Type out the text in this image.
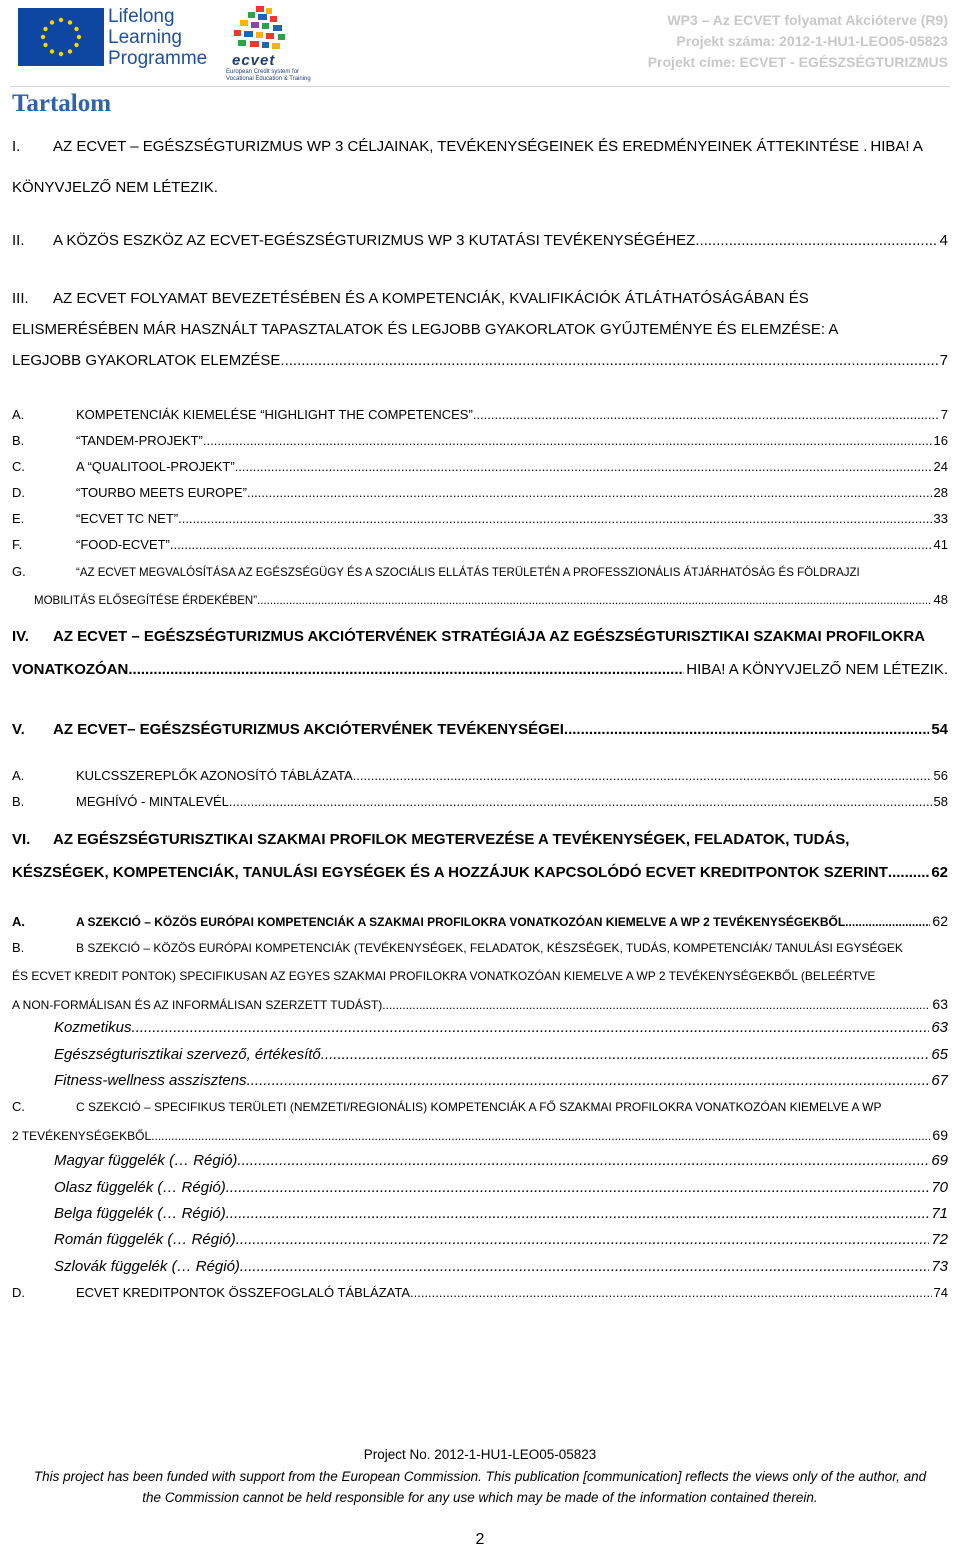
Lifelong
Learning
Programme ecvet
European Credit system for Vocational Education & Training
WP3 – Az ECVET folyamat Akcióterve (R9)
Projekt száma: 2012-1-HU1-LEO05-05823
Projekt címe: ECVET - EGÉSZSÉGTURIZMUS
Tartalom
I.	AZ ECVET – EGÉSZSÉGTURIZMUS WP 3 CÉLJAINAK, TEVÉKENYSÉGEINEK ÉS EREDMÉNYEINEK ÁTTEKINTÉSE . HIBA! A
KÖNYVJELZŐ NEM LÉTEZIK.
II.	A KÖZÖS ESZKÖZ AZ ECVET-EGÉSZSÉGTURIZMUS WP 3 KUTATÁSI TEVÉKENYSÉGÉHEZ .....	4
III.	AZ ECVET FOLYAMAT BEVEZETÉSÉBEN ÉS A KOMPETENCIÁK, KVALIFIKÁCIÓK ÁTLÁTHATÓSÁGÁBAN ÉS
ELISMERÉSÉBEN MÁR HASZNÁLT TAPASZTALATOK ÉS LEGJOBB GYAKORLATOK GYŰJTEMÉNYE ÉS ELEMZÉSE: A
LEGJOBB GYAKORLATOK ELEMZÉSE .....	7
A.	KOMPETENCIÁK KIEMELÉSE “HIGHLIGHT THE COMPETENCES” .....	7
B.	“TANDEM-PROJEKT” .....	16
C.	A “QUALITOOL-PROJEKT” .....	24
D.	“TOURBO MEETS EUROPE” .....	28
E.	“ECVET TC NET” .....	33
F.	“FOOD-ECVET” .....	41
G.	“AZ ECVET MEGVALÓSÍTÁSA AZ EGÉSZSÉGÜGY ÉS A SZOCIÁLIS ELLÁTÁS TERÜLETÉN A PROFESSZIONÁLIS ÁTJÁRHATÓSÁG ÉS FÖLDRAJZI
MOBILITÁS ELŐSEGÍTÉSE ÉRDEKÉBEN” .....	48
IV.	AZ ECVET – EGÉSZSÉGTURIZMUS AKCIÓTERVÉNEK STRATÉGIÁJA AZ EGÉSZSÉGTURISZTIKAI SZAKMAI PROFILOKRA
VONATKOZÓAN .....	HIBA! A KÖNYVJELZŐ NEM LÉTEZIK.
V.	AZ ECVET– EGÉSZSÉGTURIZMUS AKCIÓTERVÉNEK TEVÉKENYSÉGEI .....	54
A.	KULCSSZEREPLŐK AZONOSÍTÓ TÁBLÁZATA .....	56
B.	MEGHÍVÓ - MINTALEVÉL .....	58
VI.	AZ EGÉSZSÉGTURISZTIKAI SZAKMAI PROFILOK MEGTERVEZÉSE A TEVÉKENYSÉGEK, FELADATOK, TUDÁS,
KÉSZSÉGEK, KOMPETENCIÁK, TANULÁSI EGYSÉGEK ÉS A HOZZÁJUK KAPCSOLÓDÓ ECVET KREDITPONTOK SZERINT .....	62
A.	A SZEKCIÓ – KÖZÖS EURÓPAI KOMPETENCIÁK A SZAKMAI PROFILOKRA VONATKOZÓAN KIEMELVE A WP 2 TEVÉKENYSÉGEKBŐL .....	62
B.	B SZEKCIÓ – KÖZÖS EURÓPAI KOMPETENCIÁK (TEVÉKENYSÉGEK, FELADATOK, KÉSZSÉGEK, TUDÁS, KOMPETENCIÁK/ TANULÁSI EGYSÉGEK
ÉS ECVET KREDIT PONTOK) SPECIFIKUSAN AZ EGYES SZAKMAI PROFILOKRA VONATKOZÓAN KIEMELVE A WP 2 TEVÉKENYSÉGEKBŐL (BELEÉRTVE
A NON-FORMÁLISAN ÉS AZ INFORMÁLISAN SZERZETT TUDÁST) .....	63
Kozmetikus .....	63
Egészségturisztikai szervező, értékesítő .....	65
Fitness-wellness asszisztens .....	67
C.	C SZEKCIÓ – SPECIFIKUS TERÜLETI (NEMZETI/REGIONÁLIS) KOMPETENCIÁK A FŐ SZAKMAI PROFILOKRA VONATKOZÓAN KIEMELVE A WP
2 TEVÉKENYSÉGEKBŐL .....	69
Magyar függelék (… Régió) .....	69
Olasz függelék (… Régió) .....	70
Belga függelék (… Régió) .....	71
Román függelék (… Régió) .....	72
Szlovák függelék (… Régió) .....	73
D.	ECVET KREDITPONTOK ÖSSZEFOGLALÓ TÁBLÁZATA .....	74
Project No. 2012-1-HU1-LEO05-05823
This project has been funded with support from the European Commission. This publication [communication] reflects the views only of the author, and
the Commission cannot be held responsible for any use which may be made of the information contained therein.
2
